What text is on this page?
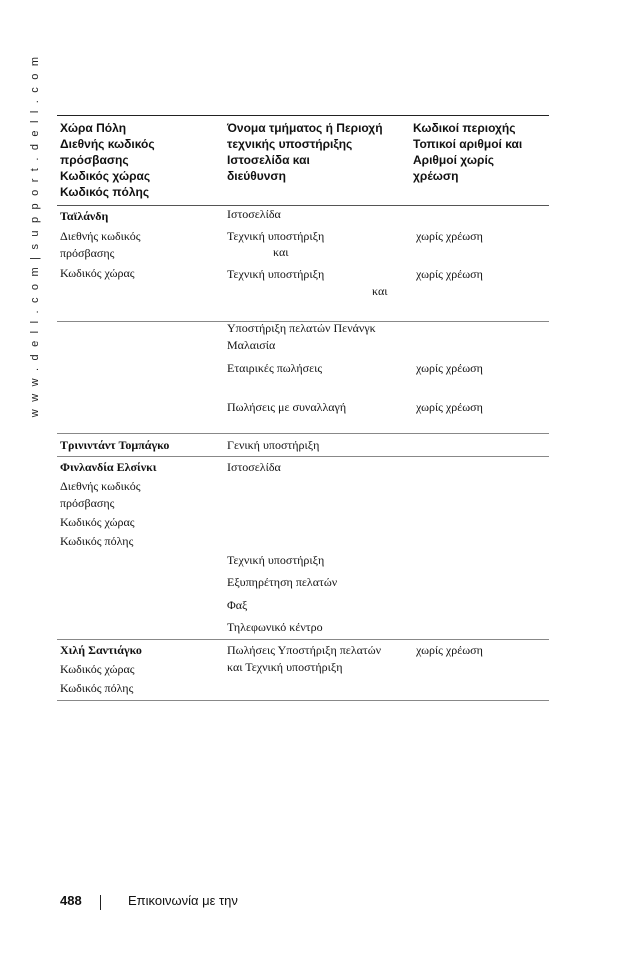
w w w . d e l l . c o m | s u p p o r t . d e l l . c o m Χώρα Πόλη
Διεθνής κωδικός
πρόσβασης
Κωδικός χώρας
Κωδικός πόλης
Όνομα τμήματος ή Περιοχή
τεχνικής υποστήριξης
Ιστοσελίδα και
διεύθυνση
Κωδικοί περιοχής
Τοπικοί αριθμοί και
Αριθμοί χωρίς
χρέωση
Ταϊλάνδη
Διεθνής κωδικός
πρόσβασης
Κωδικός χώρας
Ιστοσελίδα
Τεχνική υποστήριξη
και
Τεχνική υποστήριξη
και
Υποστήριξη πελατών Πενάνγκ
Μαλαισία
Εταιρικές πωλήσεις
Πωλήσεις με συναλλαγή
χωρίς χρέωση
χωρίς χρέωση
χωρίς χρέωση
χωρίς χρέωση
Τρινιντάντ Τομπάγκο	Γενική υποστήριξη
Φινλανδία Ελσίνκι
Διεθνής κωδικός
πρόσβασης
Κωδικός χώρας
Κωδικός πόλης
Ιστοσελίδα
Τεχνική υποστήριξη
Εξυπηρέτηση πελατών
Φαξ
Τηλεφωνικό κέντρο
Χιλή Σαντιάγκο
Κωδικός χώρας
Κωδικός πόλης
Πωλήσεις Υποστήριξη πελατών
και Τεχνική υποστήριξη
χωρίς χρέωση
488	Επικοινωνία με την
